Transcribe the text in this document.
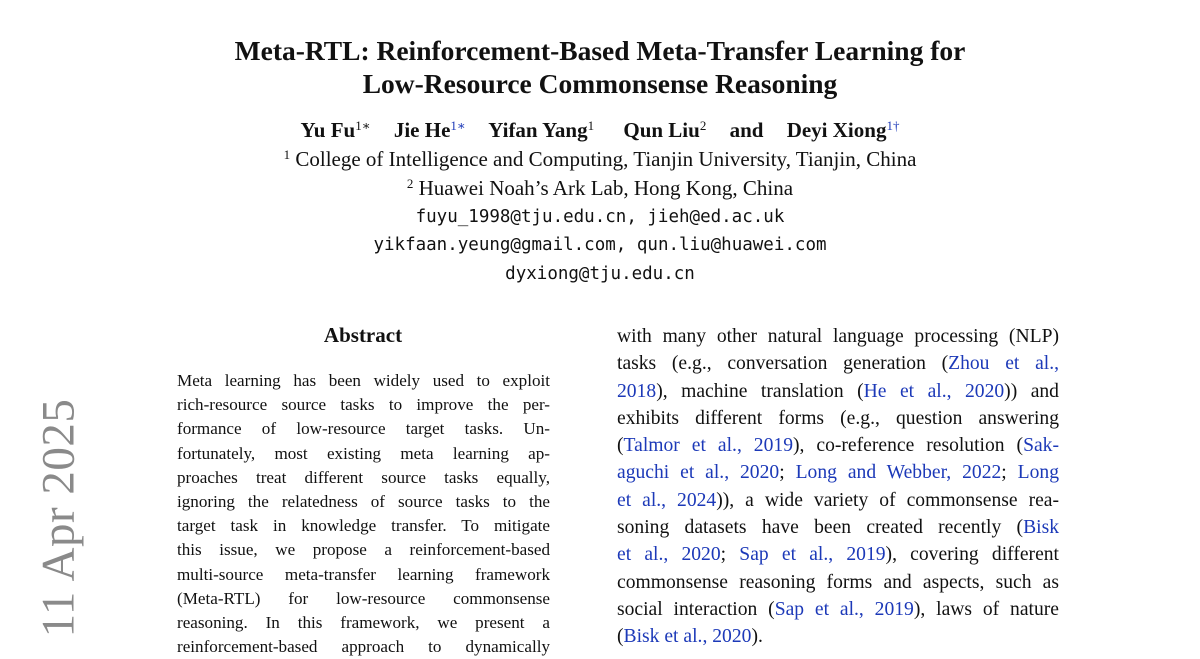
11 Apr 2025
Meta-RTL: Reinforcement-Based Meta-Transfer Learning for
Low-Resource Commonsense Reasoning
Yu $Fu^{1∗}$ Jie $He^{1∗}$ Yifan Yang$^1$ Qun Liu$^2$ and Deyi Xiong$^{1\dagger}$
$^1$ College of Intelligence and Computing, Tianjin University, Tianjin, China
$^2$ Huawei Noah’s Ark Lab, Hong Kong, China
fuyu_1998@tju.edu.cn, jieh@ed.ac.uk
yikfaan.yeung@gmail.com, qun.liu@huawei.com
dyxiong@tju.edu.cn
Abstract
Meta learning has been widely used to exploit
rich-resource source tasks to improve the per-
formance of low-resource target tasks. Un-
fortunately, most existing meta learning ap-
proaches treat different source tasks equally,
ignoring the relatedness of source tasks to the
target task in knowledge transfer. To mitigate
this issue, we propose a reinforcement-based
multi-source meta-transfer learning framework
(Meta-RTL) for low-resource commonsense
reasoning. In this framework, we present a
reinforcement-based approach to dynamically
with many other natural language processing (NLP)
tasks (e.g., conversation generation (Zhou et al.,
2018), machine translation (He et al., 2020)) and
exhibits different forms (e.g., question answering
(Talmor et al., 2019), co-reference resolution (Sak-
aguchi et al., 2020; Long and Webber, 2022; Long
et al., 2024)), a wide variety of commonsense rea-
soning datasets have been created recently (Bisk
et al., 2020; Sap et al., 2019), covering different
commonsense reasoning forms and aspects, such as
social interaction (Sap et al., 2019), laws of nature
(Bisk et al., 2020).
